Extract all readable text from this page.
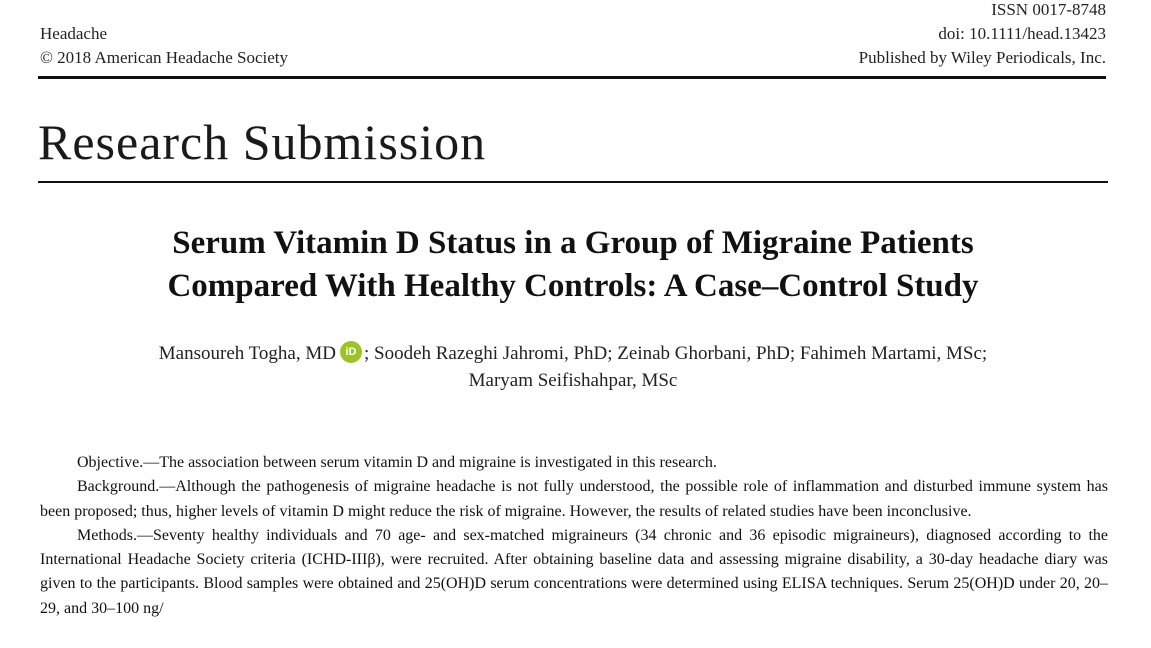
Headache
© 2018 American Headache Society
ISSN 0017-8748
doi: 10.1111/head.13423
Published by Wiley Periodicals, Inc.
Research Submission
Serum Vitamin D Status in a Group of Migraine Patients
Compared With Healthy Controls: A Case–Control Study
Mansoureh Togha, MD iD ; Soodeh Razeghi Jahromi, PhD; Zeinab Ghorbani, PhD; Fahimeh Martami, MSc;
Maryam Seifishahpar, MSc

Objective.—The association between serum vitamin D and migraine is investigated in this research.

Background.—Although the pathogenesis of migraine headache is not fully understood, the possible role of inflammation and disturbed immune system has been proposed; thus, higher levels of vitamin D might reduce the risk of migraine. However, the results of related studies have been inconclusive.

Methods.—Seventy healthy individuals and 70 age- and sex-matched migraineurs (34 chronic and 36 episodic migraineurs), diagnosed according to the International Headache Society criteria (ICHD-IIIβ), were recruited. After obtaining baseline data and assessing migraine disability, a 30-day headache diary was given to the participants. Blood samples were obtained and 25(OH)D serum concentrations were determined using ELISA techniques. Serum 25(OH)D under 20, 20–29, and 30–100 ng/
